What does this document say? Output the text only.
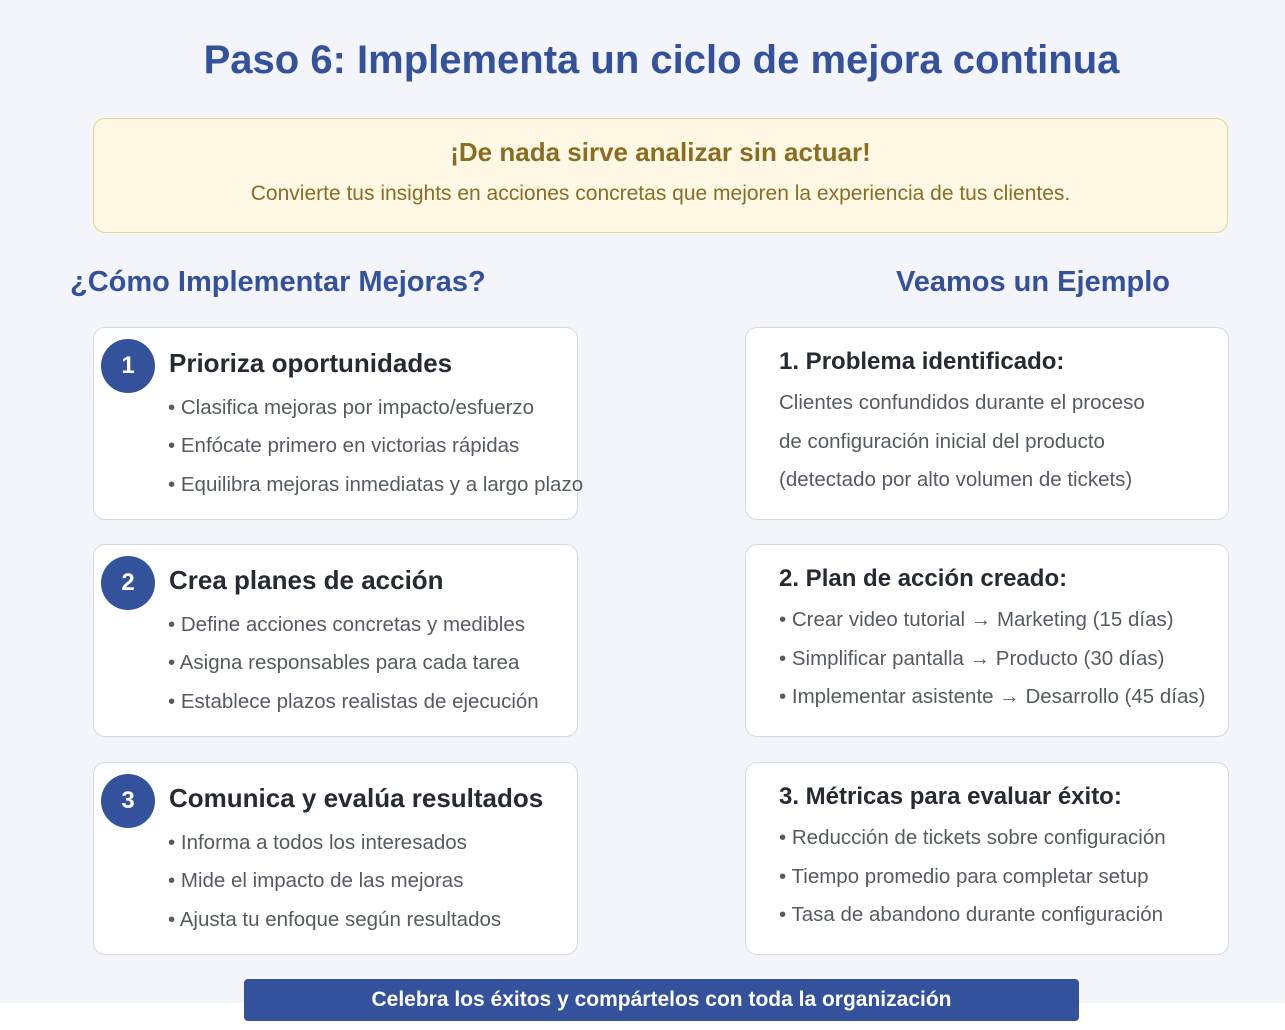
Paso 6: Implementa un ciclo de mejora continua
¡De nada sirve analizar sin actuar!
Convierte tus insights en acciones concretas que mejoren la experiencia de tus clientes.
¿Cómo Implementar Mejoras?	Veamos un Ejemplo
1	Prioriza oportunidades
• Clasifica mejoras por impacto/esfuerzo
• Enfócate primero en victorias rápidas
• Equilibra mejoras inmediatas y a largo plazo
2	Crea planes de acción
• Define acciones concretas y medibles
• Asigna responsables para cada tarea
• Establece plazos realistas de ejecución
3	Comunica y evalúa resultados
• Informa a todos los interesados
• Mide el impacto de las mejoras
• Ajusta tu enfoque según resultados
1. Problema identificado:
Clientes confundidos durante el proceso
de configuración inicial del producto
(detectado por alto volumen de tickets)
2. Plan de acción creado:
• Crear video tutorial → Marketing (15 días)
• Simplificar pantalla → Producto (30 días)
• Implementar asistente → Desarrollo (45 días)
3. Métricas para evaluar éxito:
• Reducción de tickets sobre configuración
• Tiempo promedio para completar setup
• Tasa de abandono durante configuración
Celebra los éxitos y compártelos con toda la organización
